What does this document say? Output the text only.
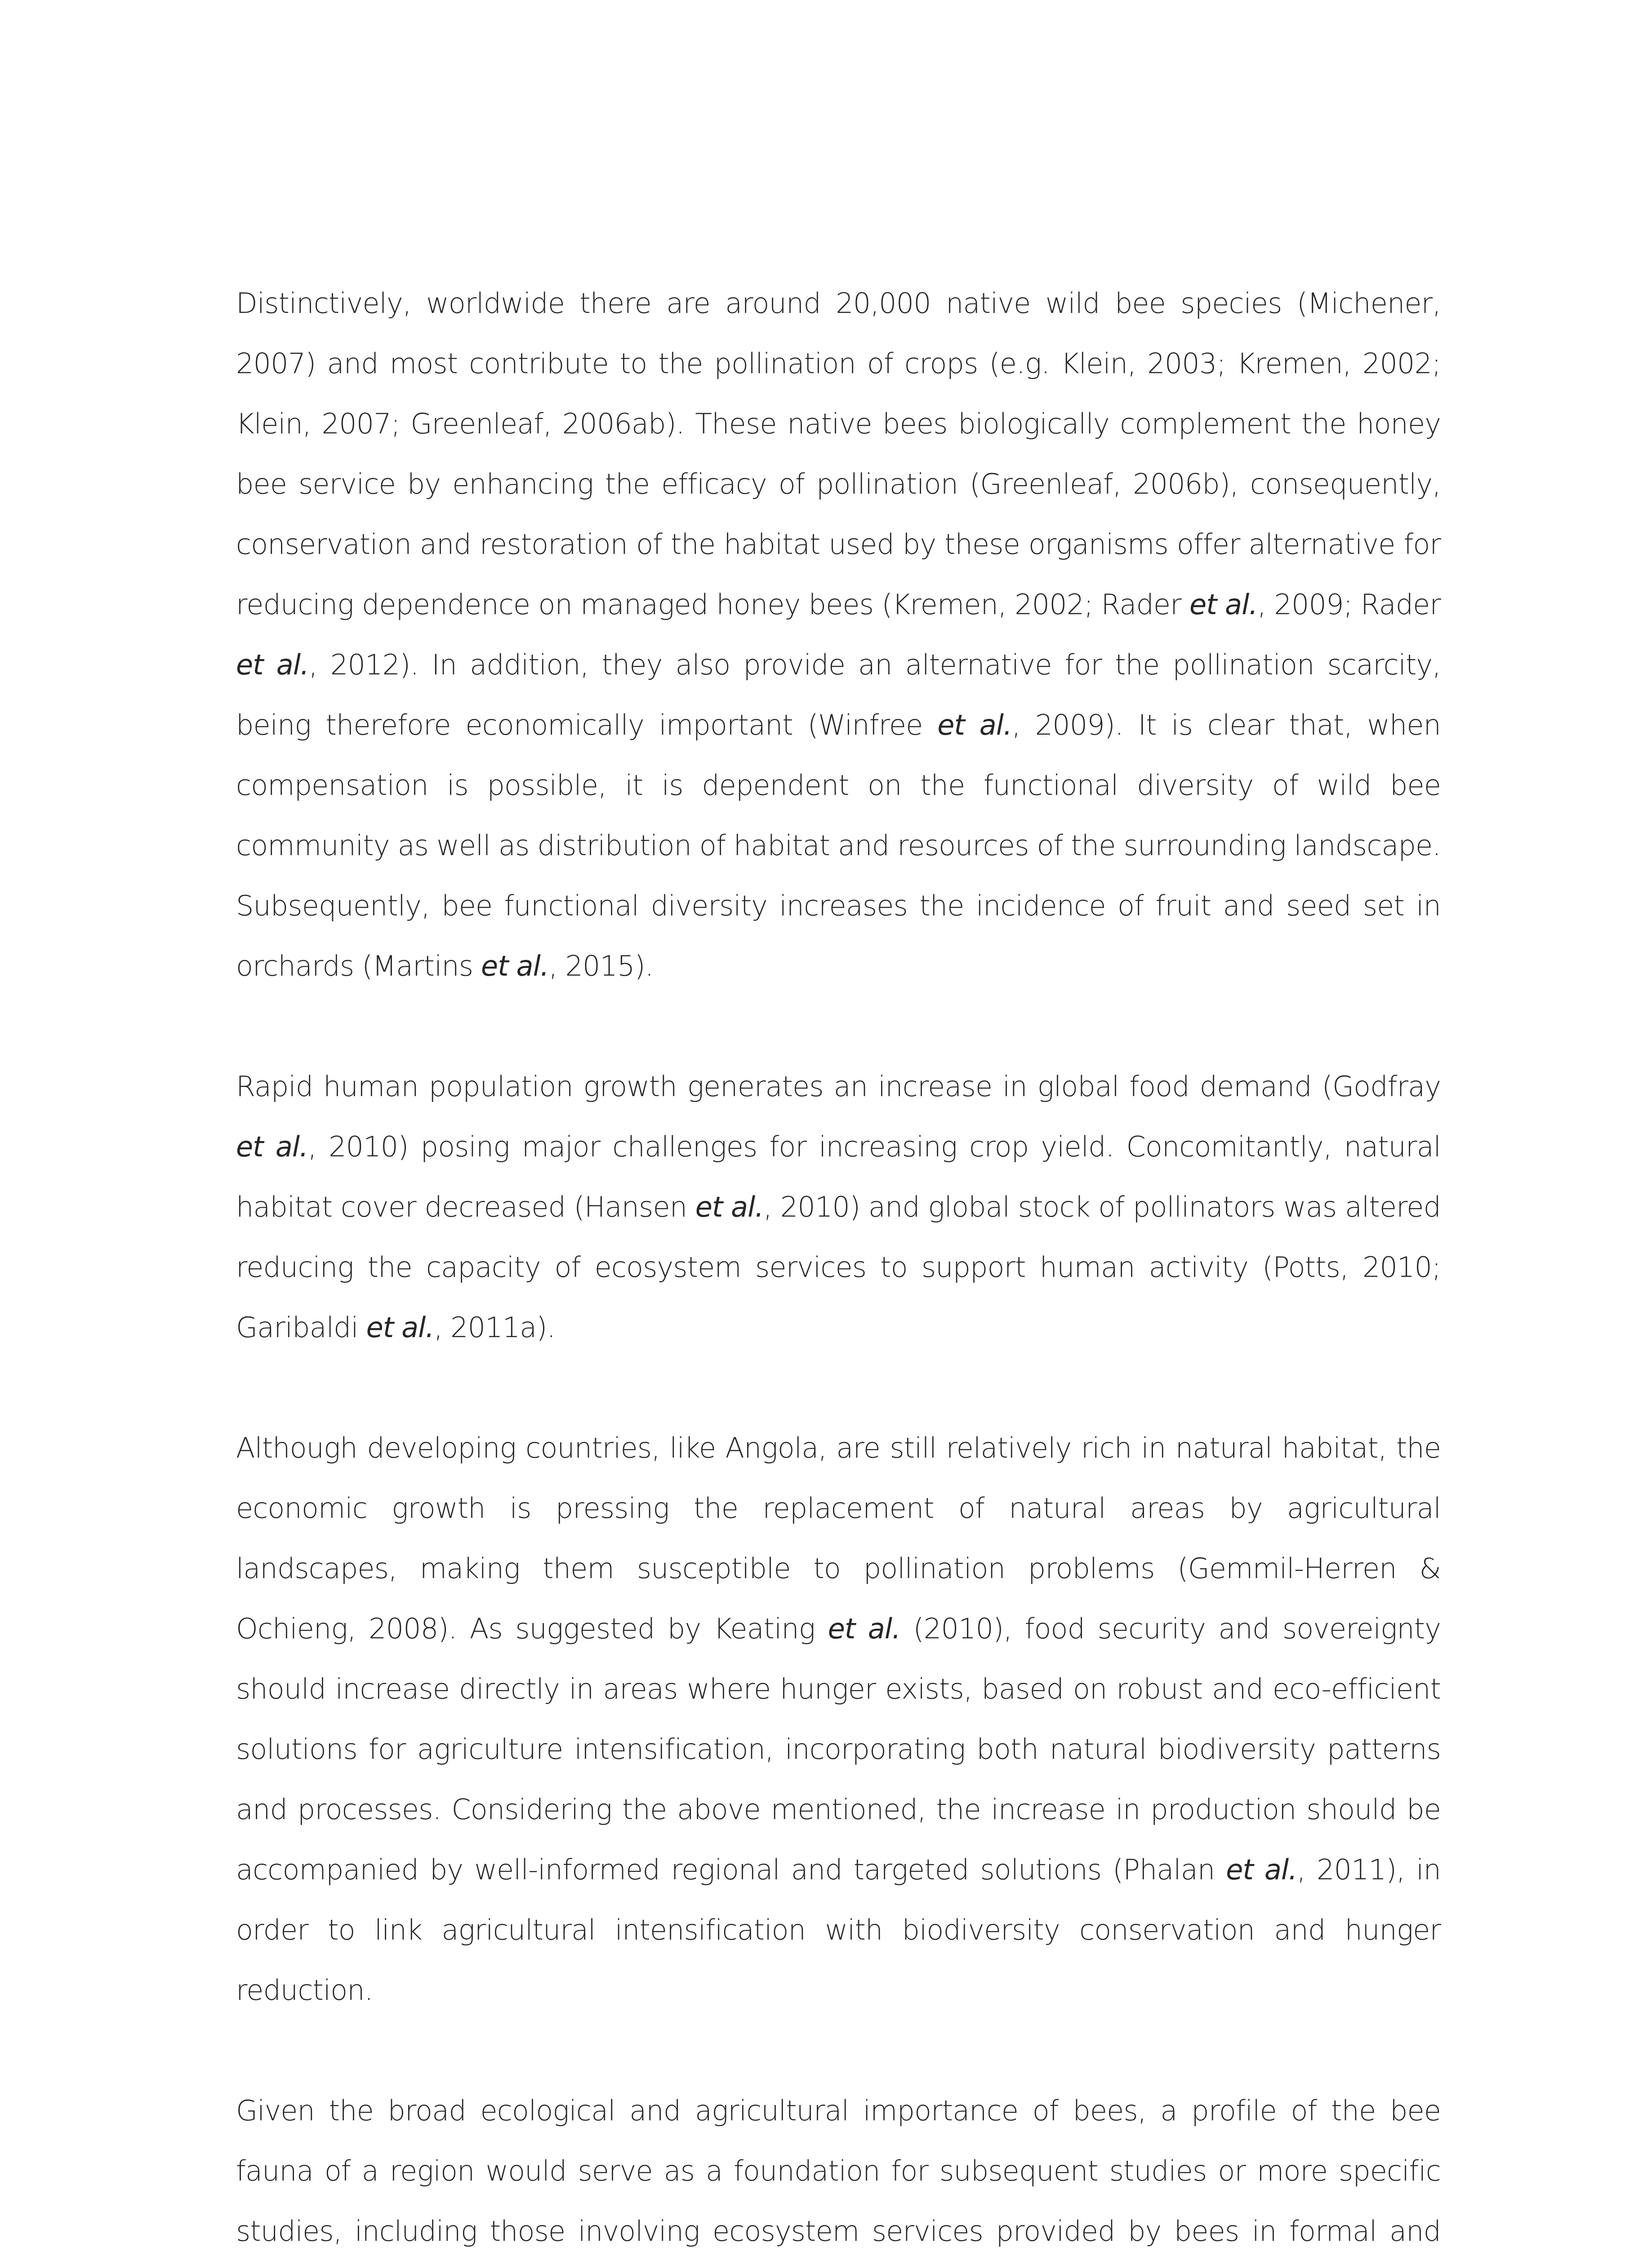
Distinctively, worldwide there are around 20,000 native wild bee species (Michener, 2007) and most contribute to the pollination of crops (e.g. Klein, 2003; Kremen, 2002; Klein, 2007; Greenleaf, 2006ab). These native bees biologically complement the honey bee service by enhancing the efficacy of pollination (Greenleaf, 2006b), consequently, conservation and restoration of the habitat used by these organisms offer alternative for reducing dependence on managed honey bees (Kremen, 2002; Rader et al., 2009; Rader et al., 2012). In addition, they also provide an alternative for the pollination scarcity, being therefore economically important (Winfree et al., 2009). It is clear that, when compensation is possible, it is dependent on the functional diversity of wild bee community as well as distribution of habitat and resources of the surrounding landscape. Subsequently, bee functional diversity increases the incidence of fruit and seed set in orchards (Martins et al., 2015).

Rapid human population growth generates an increase in global food demand (Godfray et al., 2010) posing major challenges for increasing crop yield. Concomitantly, natural habitat cover decreased (Hansen et al., 2010) and global stock of pollinators was altered reducing the capacity of ecosystem services to support human activity (Potts, 2010; Garibaldi et al., 2011a).

Although developing countries, like Angola, are still relatively rich in natural habitat, the economic growth is pressing the replacement of natural areas by agricultural landscapes, making them susceptible to pollination problems (Gemmil-Herren & Ochieng, 2008). As suggested by Keating et al. (2010), food security and sovereignty should increase directly in areas where hunger exists, based on robust and eco-efficient solutions for agriculture intensification, incorporating both natural biodiversity patterns and processes. Considering the above mentioned, the increase in production should be accompanied by well-informed regional and targeted solutions (Phalan et al., 2011), in order to link agricultural intensification with biodiversity conservation and hunger reduction.

Given the broad ecological and agricultural importance of bees, a profile of the bee fauna of a region would serve as a foundation for subsequent studies or more specific studies, including those involving ecosystem services provided by bees in formal and
